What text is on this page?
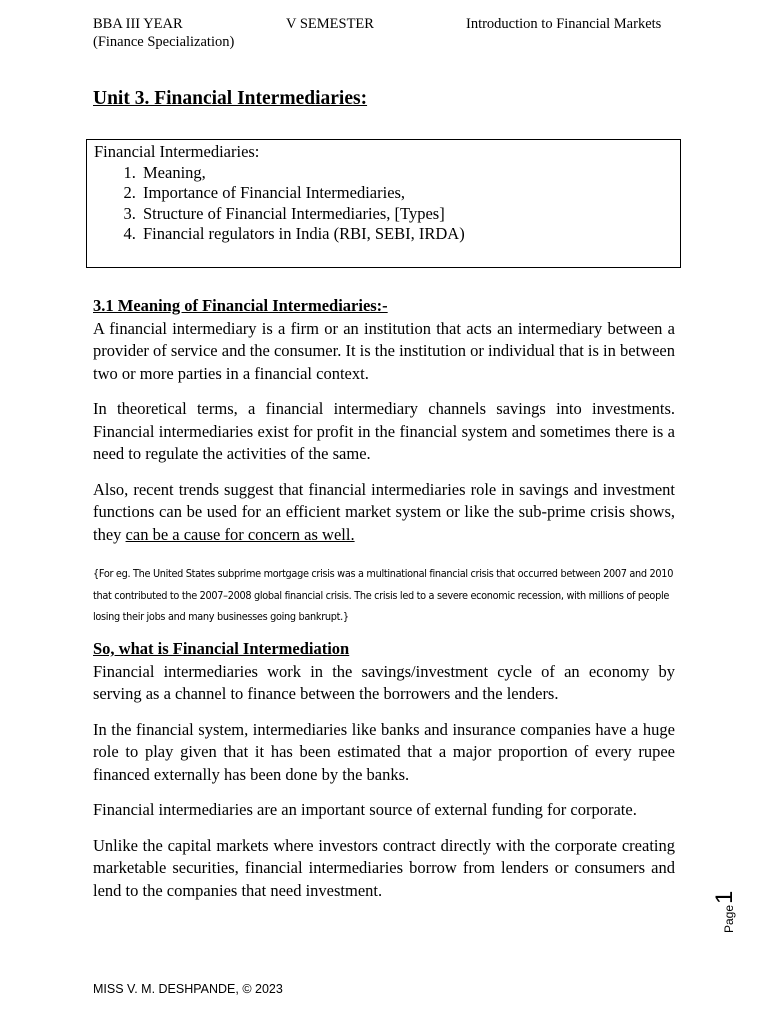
BBA III YEAR
(Finance Specialization)
V SEMESTER	Introduction to Financial Markets
Unit 3. Financial Intermediaries:
Financial Intermediaries:
1. Meaning,
2. Importance of Financial Intermediaries,
3. Structure of Financial Intermediaries, [Types]
4. Financial regulators in India (RBI, SEBI, IRDA)
3.1 Meaning of Financial Intermediaries:-

A financial intermediary is a firm or an institution that acts an intermediary between a provider of service and the consumer. It is the institution or individual that is in between two or more parties in a financial context.

In theoretical terms, a financial intermediary channels savings into investments. Financial intermediaries exist for profit in the financial system and sometimes there is a need to regulate the activities of the same.

Also, recent trends suggest that financial intermediaries role in savings and investment functions can be used for an efficient market system or like the sub-prime crisis shows, they can be a cause for concern as well.

{For eg. The United States subprime mortgage crisis was a multinational financial crisis that occurred between 2007 and 2010 that contributed to the 2007–2008 global financial crisis. The crisis led to a severe economic recession, with millions of people losing their jobs and many businesses going bankrupt.}
So, what is Financial Intermediation

Financial intermediaries work in the savings/investment cycle of an economy by serving as a channel to finance between the borrowers and the lenders.

In the financial system, intermediaries like banks and insurance companies have a huge role to play given that it has been estimated that a major proportion of every rupee financed externally has been done by the banks.

Financial intermediaries are an important source of external funding for corporate.

Unlike the capital markets where investors contract directly with the corporate creating marketable securities, financial intermediaries borrow from lenders or consumers and lend to the companies that need investment.

Page
1
MISS V. M. DESHPANDE, © 2023
